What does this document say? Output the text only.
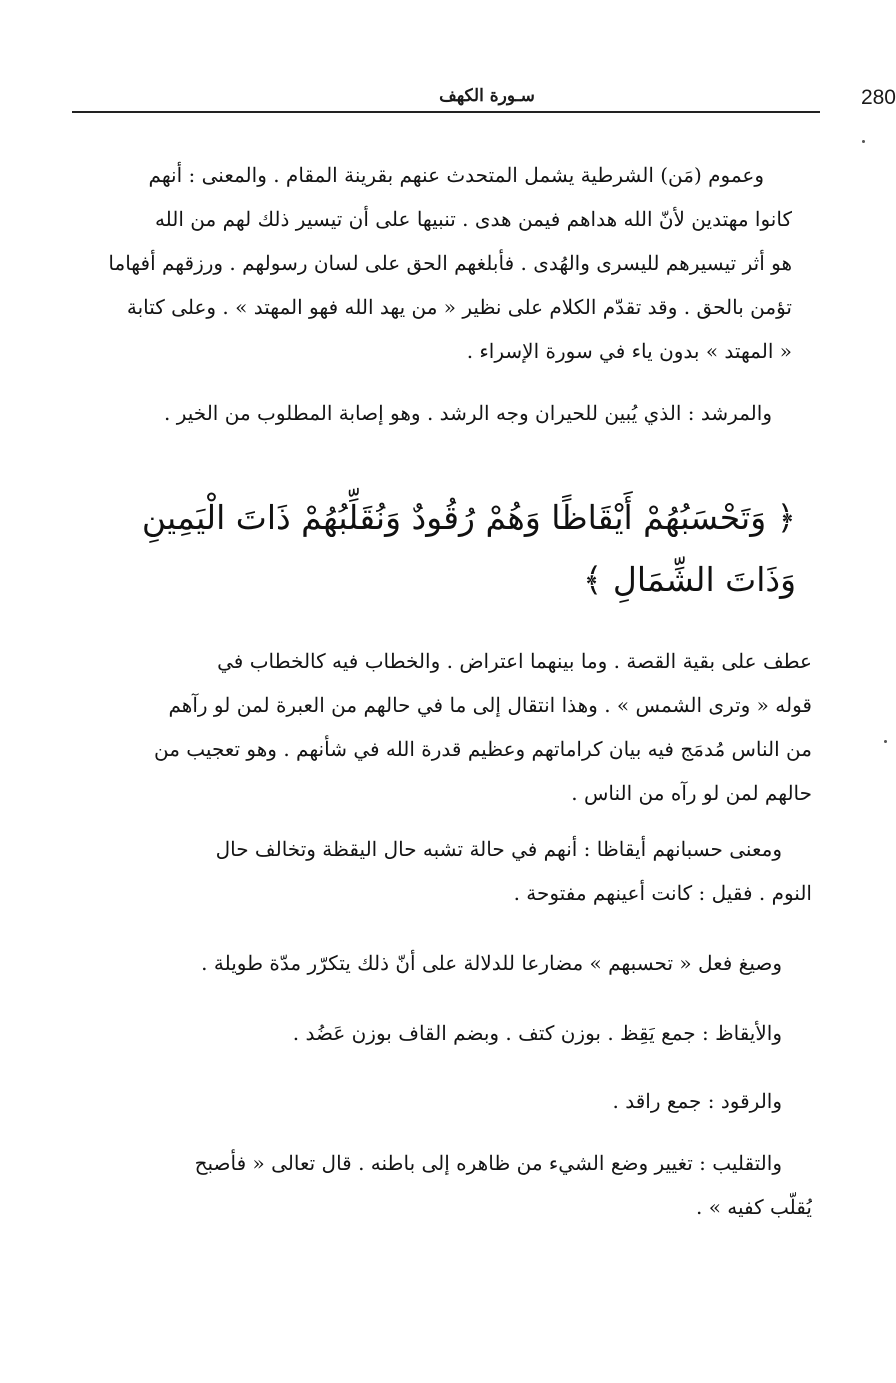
280
سـورة الكهف
وعموم (مَن) الشرطية يشمل المتحدث عنهم بقرينة المقام . والمعنى : أنهم
كانوا مهتدين لأنّ الله هداهم فيمن هدى . تنبيها على أن تيسير ذلك لهم من الله
هو أثر تيسيرهم لليسرى والهُدى . فأبلغهم الحق على لسان رسولهم . ورزقهم أفهاما
تؤمن بالحق . وقد تقدّم الكلام على نظير « من يهد الله فهو المهتد » . وعلى كتابة
« المهتد » بدون ياء في سورة الإسراء .
والمرشد : الذي يُبين للحيران وجه الرشد . وهو إصابة المطلوب من الخير .
﴿ وَتَحْسَبُهُمْ أَيْقَاظًا وَهُمْ رُقُودٌ وَنُقَلِّبُهُمْ ذَاتَ الْيَمِينِ
وَذَاتَ الشِّمَالِ ﴾
عطف على بقية القصة . وما بينهما اعتراض . والخطاب فيه كالخطاب في
قوله « وترى الشمس » . وهذا انتقال إلى ما في حالهم من العبرة لمن لو رآهم
من الناس مُدمَج فيه بيان كراماتهم وعظيم قدرة الله في شأنهم . وهو تعجيب من
حالهم لمن لو رآه من الناس .
ومعنى حسبانهم أيقاظا : أنهم في حالة تشبه حال اليقظة وتخالف حال
النوم . فقيل : كانت أعينهم مفتوحة .
وصيغ فعل « تحسبهم » مضارعا للدلالة على أنّ ذلك يتكرّر مدّة طويلة .
والأيقاظ : جمع يَقِظ . بوزن كتف . وبضم القاف بوزن عَضُد .
والرقود : جمع راقد .
والتقليب : تغيير وضع الشيء من ظاهره إلى باطنه . قال تعالى « فأصبح
يُقلّب كفيه » .
